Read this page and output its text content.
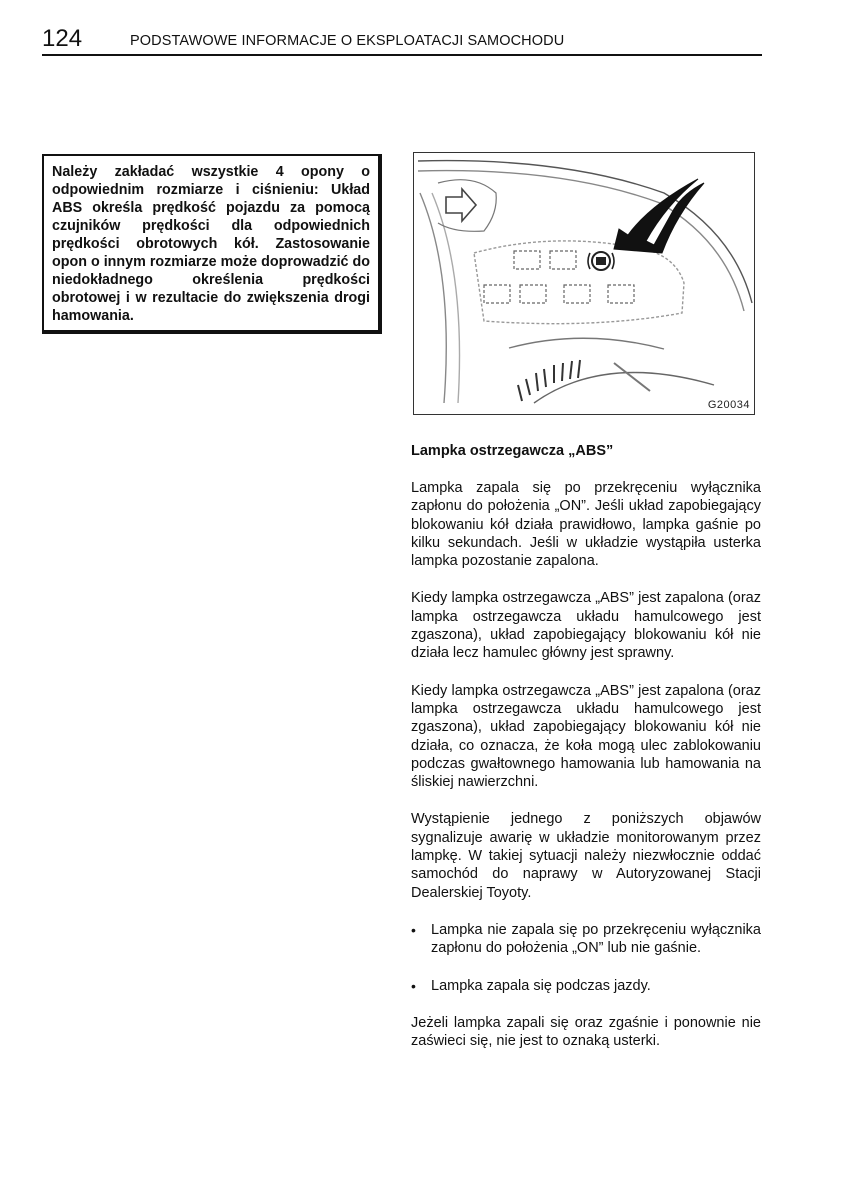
124	PODSTAWOWE INFORMACJE O EKSPLOATACJI SAMOCHODU

Należy zakładać wszystkie 4 opony o odpowiednim rozmiarze i ciśnieniu: Układ ABS określa prędkość pojazdu za pomocą czujników prędkości dla odpowiednich prędkości obrotowych kół. Zastosowanie opon o innym rozmiarze może doprowadzić do niedokładnego określenia prędkości obrotowej i w rezultacie do zwiększenia drogi hamowania.

G20034

Lampka ostrzegawcza „ABS”

Lampka zapala się po przekręceniu wyłącznika zapłonu do położenia „ON”. Jeśli układ zapobiegający blokowaniu kół działa prawidłowo, lampka gaśnie po kilku sekundach. Jeśli w układzie wystąpiła usterka lampka pozostanie zapalona.

Kiedy lampka ostrzegawcza „ABS” jest zapalona (oraz lampka ostrzegawcza układu hamulcowego jest zgaszona), układ zapobiegający blokowaniu kół nie działa lecz hamulec główny jest sprawny.

Kiedy lampka ostrzegawcza „ABS” jest zapalona (oraz lampka ostrzegawcza układu hamulcowego jest zgaszona), układ zapobiegający blokowaniu kół nie działa, co oznacza, że koła mogą ulec zablokowaniu podczas gwałtownego hamowania lub hamowania na śliskiej nawierzchni.

Wystąpienie jednego z poniższych objawów sygnalizuje awarię w układzie monitorowanym przez lampkę. W takiej sytuacji należy niezwłocznie oddać samochód do naprawy w Autoryzowanej Stacji Dealerskiej Toyoty.

• Lampka nie zapala się po przekręceniu wyłącznika zapłonu do położenia „ON” lub nie gaśnie.
• Lampka zapala się podczas jazdy.

Jeżeli lampka zapali się oraz zgaśnie i ponownie nie zaświeci się, nie jest to oznaką usterki.
